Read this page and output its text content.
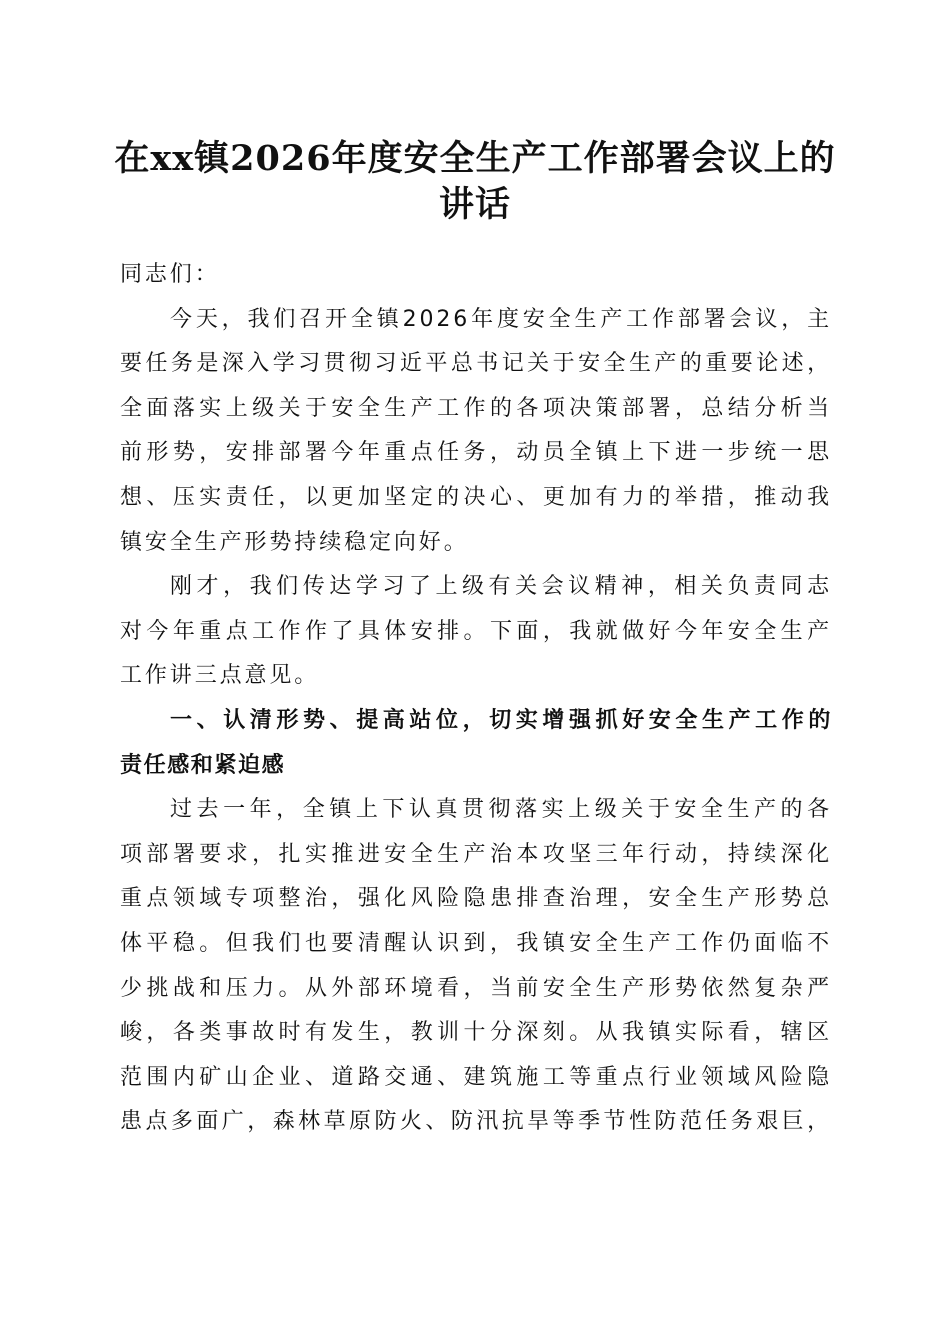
在xx镇2026年度安全生产工作部署会议上的
讲话
同志们：
今天，我们召开全镇2026年度安全生产工作部署会议，主
要任务是深入学习贯彻习近平总书记关于安全生产的重要论述，
全面落实上级关于安全生产工作的各项决策部署，总结分析当
前形势，安排部署今年重点任务，动员全镇上下进一步统一思
想、压实责任，以更加坚定的决心、更加有力的举措，推动我
镇安全生产形势持续稳定向好。
刚才，我们传达学习了上级有关会议精神，相关负责同志
对今年重点工作作了具体安排。下面，我就做好今年安全生产
工作讲三点意见。
一、认清形势、提高站位，切实增强抓好安全生产工作的
责任感和紧迫感
过去一年，全镇上下认真贯彻落实上级关于安全生产的各
项部署要求，扎实推进安全生产治本攻坚三年行动，持续深化
重点领域专项整治，强化风险隐患排查治理，安全生产形势总
体平稳。但我们也要清醒认识到，我镇安全生产工作仍面临不
少挑战和压力。从外部环境看，当前安全生产形势依然复杂严
峻，各类事故时有发生，教训十分深刻。从我镇实际看，辖区
范围内矿山企业、道路交通、建筑施工等重点行业领域风险隐
患点多面广，森林草原防火、防汛抗旱等季节性防范任务艰巨，
